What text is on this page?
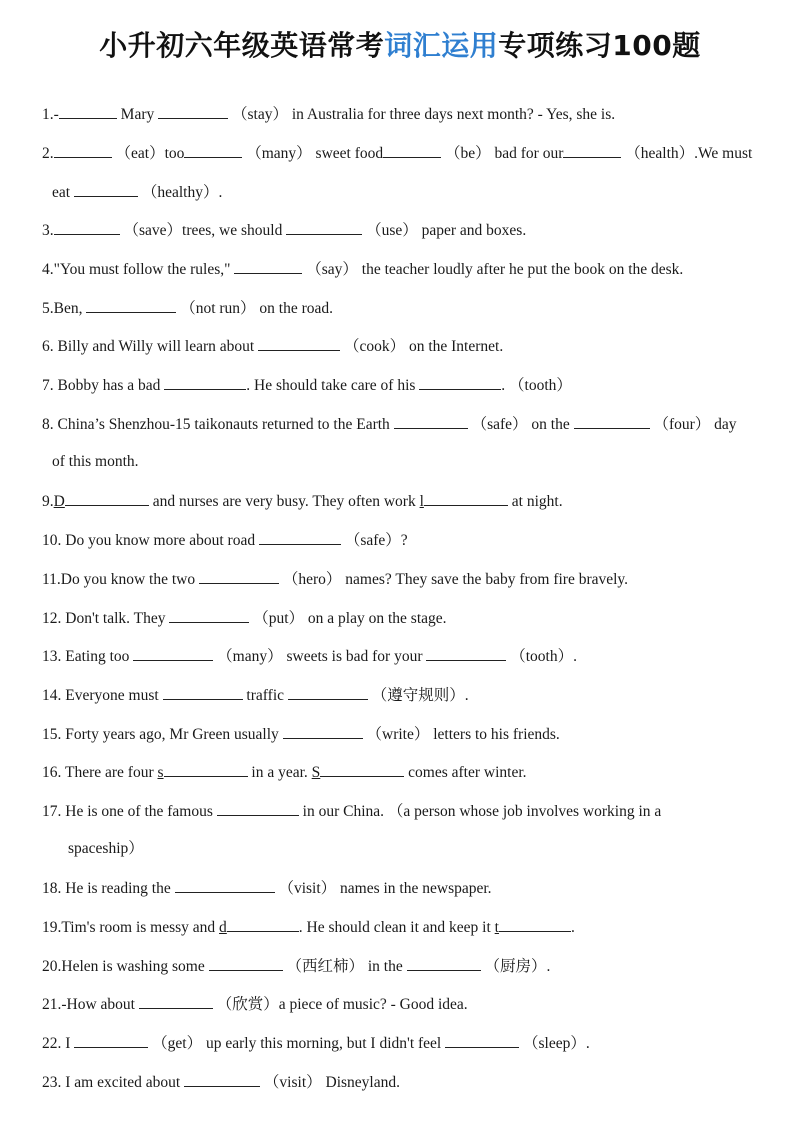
小升初六年级英语常考词汇运用专项练习100题
1.-	Mary	（stay） in Australia for three days next month? - Yes, she is.
2.	（eat）too	（many） sweet food	（be） bad for our	（health）.We must
eat	（healthy）.
3.	（save）trees, we should	（use） paper and boxes.
4."You must follow the rules,"	（say） the teacher loudly after he put the book on the desk.
5.Ben,	（not run） on the road.
6. Billy and Willy will learn about	（cook） on the Internet.
7. Bobby has a bad	. He should take care of his	. （tooth）
8. China’s Shenzhou-15 taikonauts returned to the Earth	（safe） on the	（four） day
of this month.
9.D	and nurses are very busy. They often work l	at night.
10. Do you know more about road	（safe）?
11.Do you know the two	（hero） names? They save the baby from fire bravely.
12. Don't talk. They	（put） on a play on the stage.
13. Eating too	（many） sweets is bad for your	（tooth）.
14. Everyone must	traffic	（遵守规则）.
15. Forty years ago, Mr Green usually	（write） letters to his friends.
16. There are four s	in a year. S	comes after winter.
17. He is one of the famous	in our China. （a person whose job involves working in a
spaceship）
18. He is reading the	（visit） names in the newspaper.
19.Tim's room is messy and d	. He should clean it and keep it t	.
20.Helen is washing some	（西红柿） in the	（厨房）.
21.-How about	（欣赏）a piece of music? - Good idea.
22. I	（get） up early this morning, but I didn't feel	（sleep）.
23. I am excited about	（visit） Disneyland.
